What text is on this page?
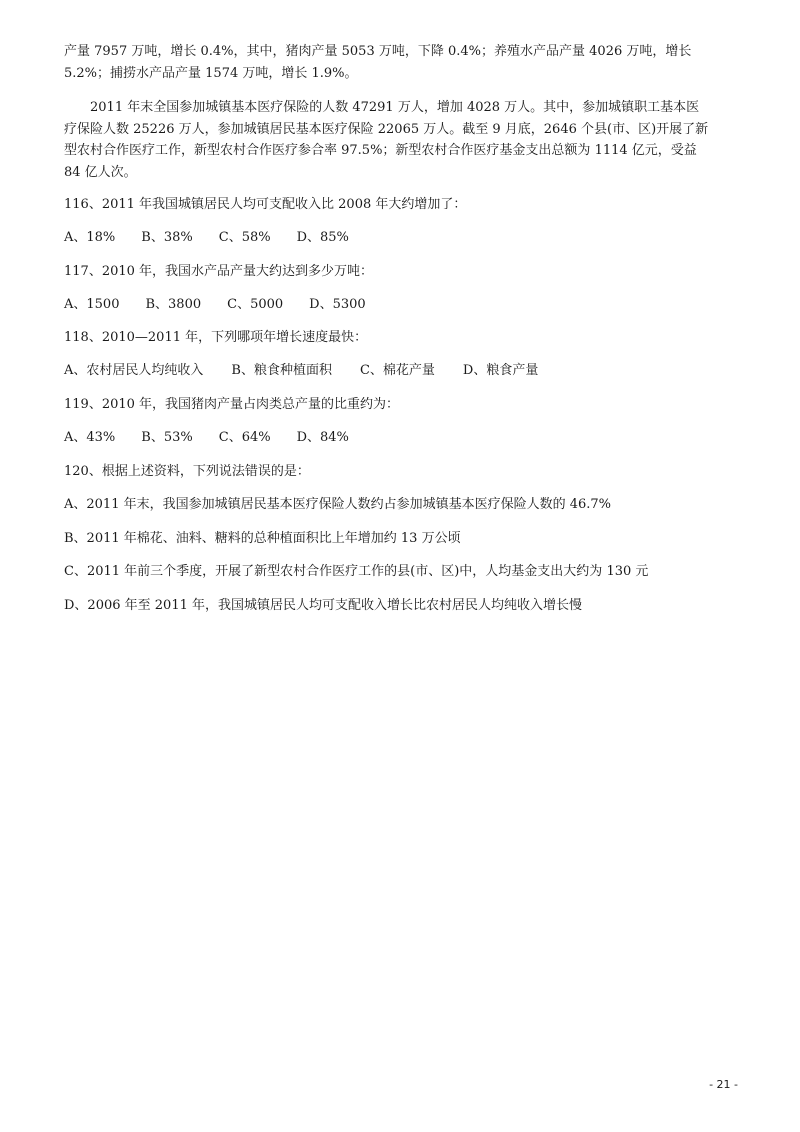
产量 7957 万吨，增长 0.4%，其中，猪肉产量 5053 万吨，下降 0.4%；养殖水产品产量 4026 万吨，增长
5.2%；捕捞水产品产量 1574 万吨，增长 1.9%。
2011 年末全国参加城镇基本医疗保险的人数 47291 万人，增加 4028 万人。其中，参加城镇职工基本医
疗保险人数 25226 万人，参加城镇居民基本医疗保险 22065 万人。截至 9 月底，2646 个县(市、区)开展了新
型农村合作医疗工作，新型农村合作医疗参合率 97.5%；新型农村合作医疗基金支出总额为 1114 亿元，受益
84 亿人次。
116、2011 年我国城镇居民人均可支配收入比 2008 年大约增加了：
A、18% B、38% C、58% D、85%
117、2010 年，我国水产品产量大约达到多少万吨：
A、1500 B、3800 C、5000 D、5300
118、2010—2011 年，下列哪项年增长速度最快：
A、农村居民人均纯收入 B、粮食种植面积 C、棉花产量 D、粮食产量
119、2010 年，我国猪肉产量占肉类总产量的比重约为：
A、43% B、53% C、64% D、84%
120、根据上述资料，下列说法错误的是：
A、2011 年末，我国参加城镇居民基本医疗保险人数约占参加城镇基本医疗保险人数的 46.7%
B、2011 年棉花、油料、糖料的总种植面积比上年增加约 13 万公顷
C、2011 年前三个季度，开展了新型农村合作医疗工作的县(市、区)中，人均基金支出大约为 130 元
D、2006 年至 2011 年，我国城镇居民人均可支配收入增长比农村居民人均纯收入增长慢
- 21 -
